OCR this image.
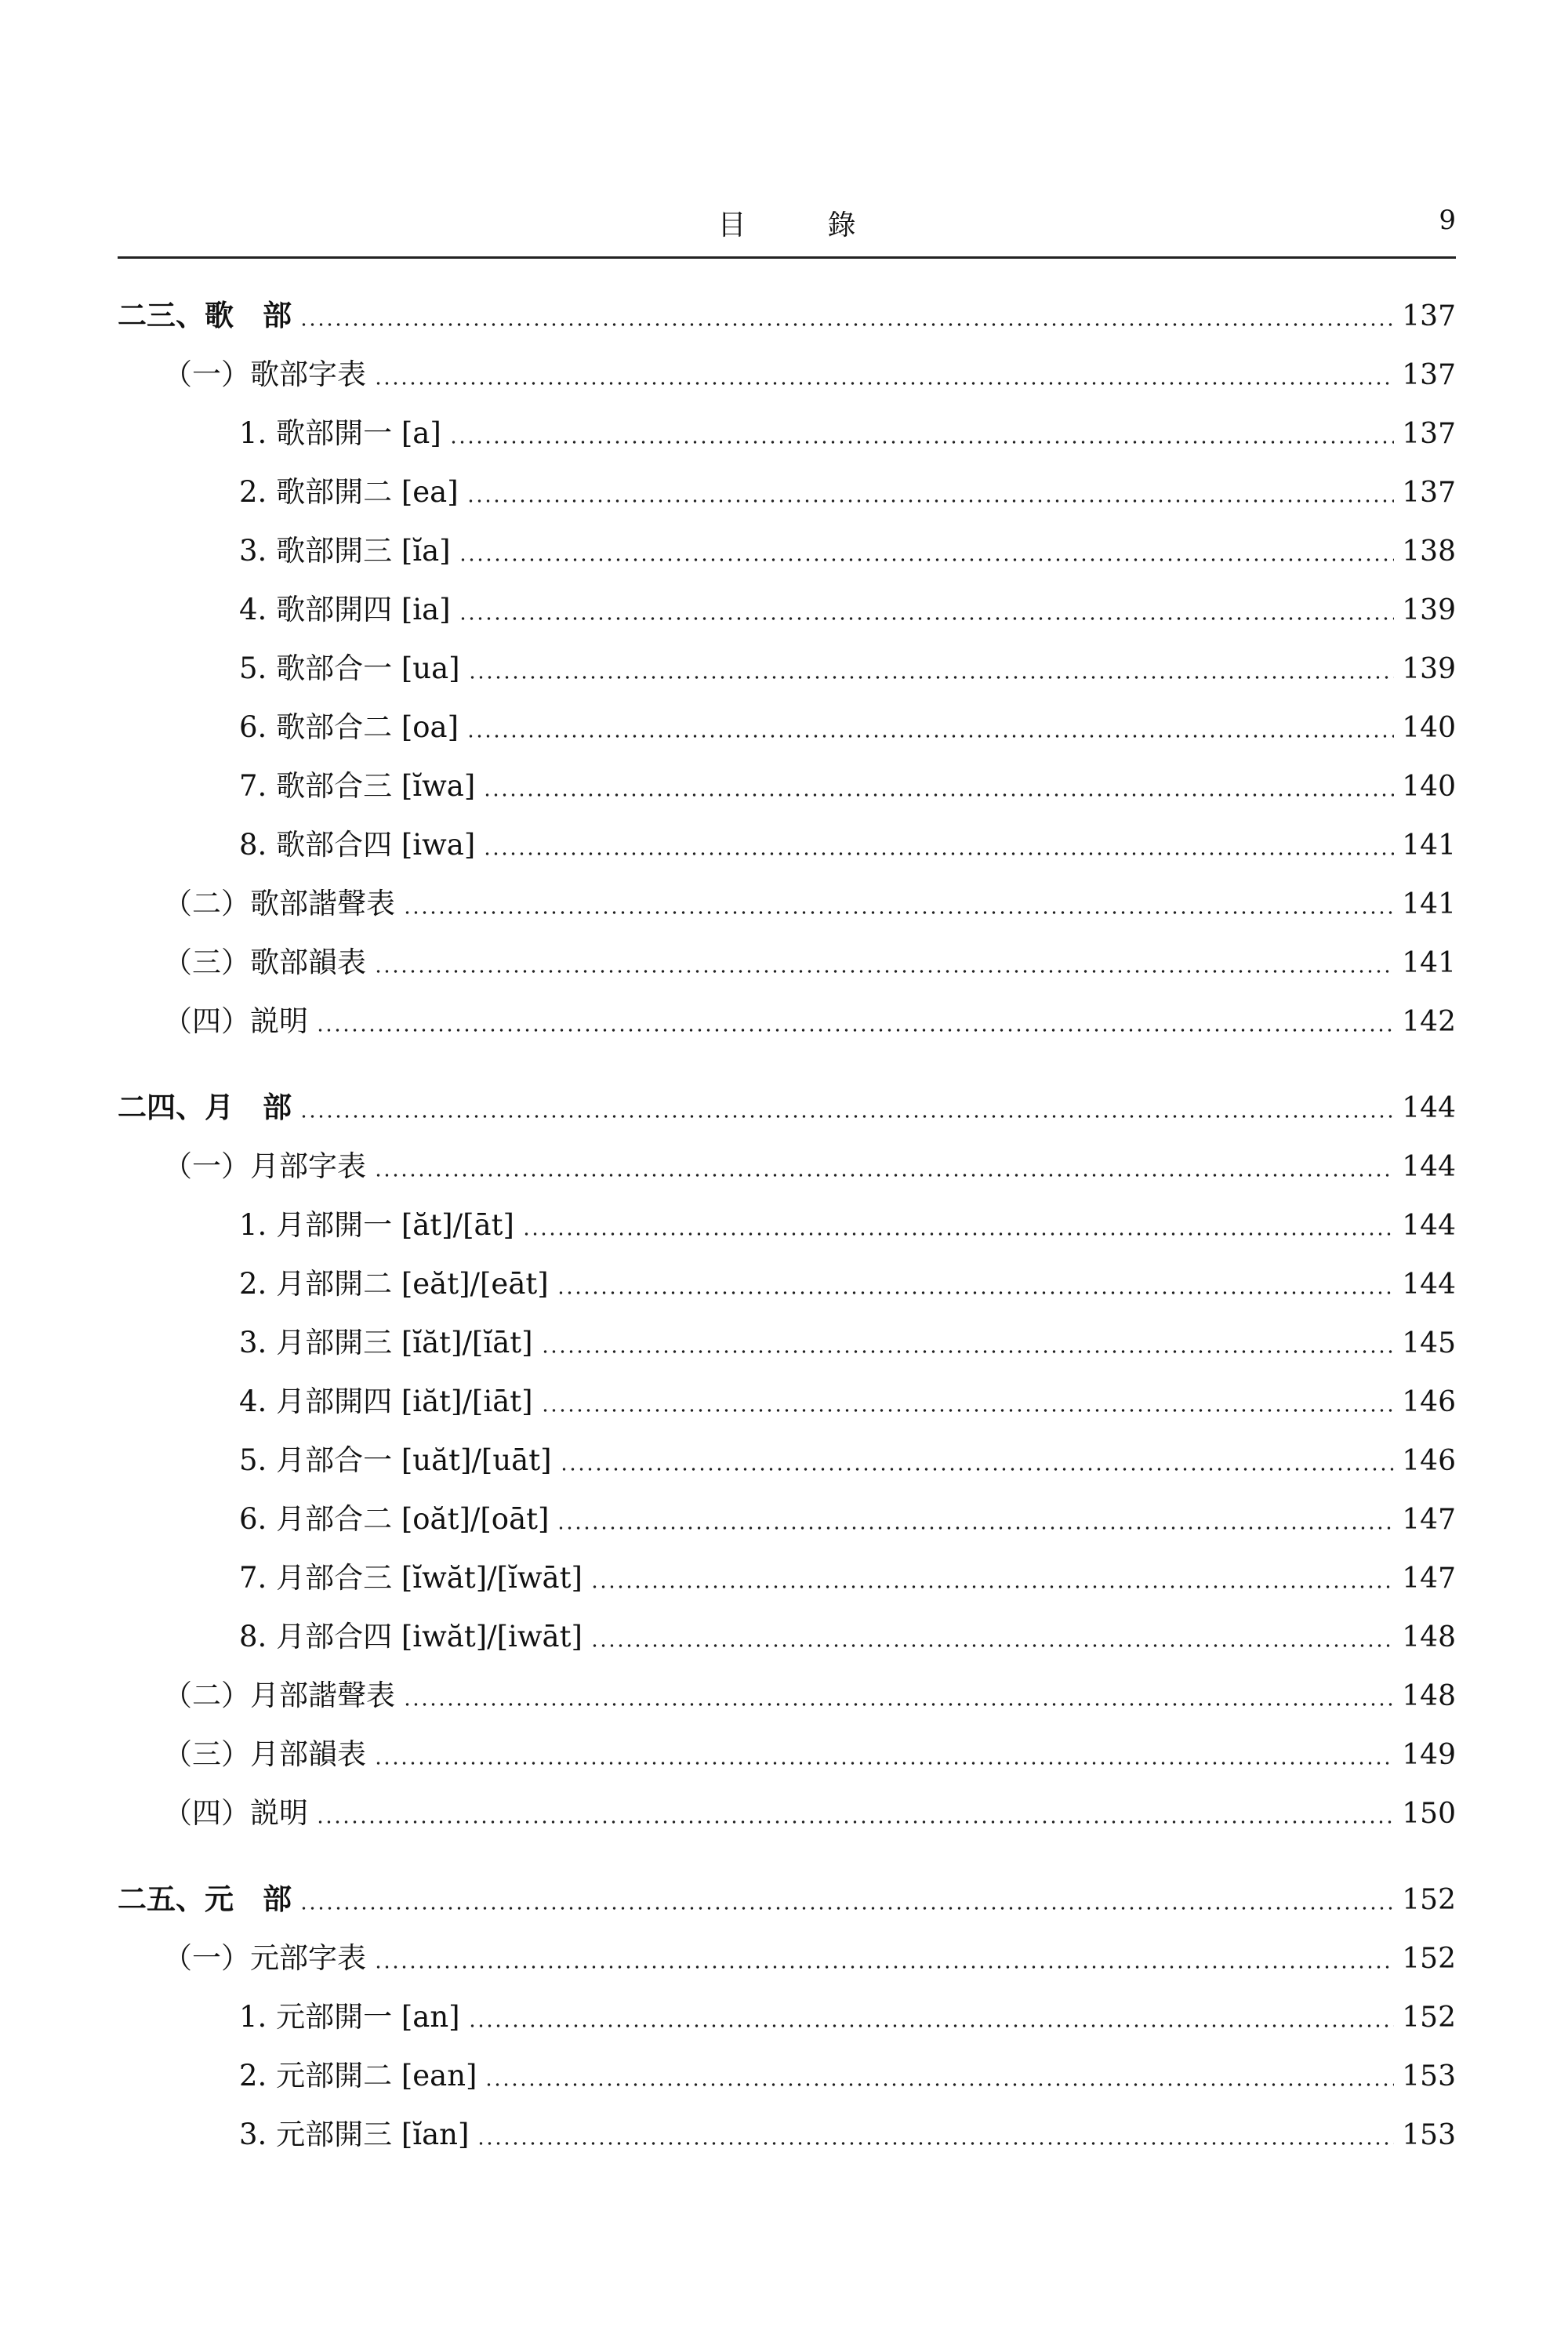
目　錄	9
二三、歌　部	137
（一）歌部字表	137
1. 歌部開一 [a]	137
2. 歌部開二 [ea]	137
3. 歌部開三 [ĭa]	138
4. 歌部開四 [ia]	139
5. 歌部合一 [ua]	139
6. 歌部合二 [oa]	140
7. 歌部合三 [ĭwa]	140
8. 歌部合四 [iwa]	141
（二）歌部諧聲表	141
（三）歌部韻表	141
（四）説明	142
二四、月　部	144
（一）月部字表	144
1. 月部開一 [ăt]/[āt]	144
2. 月部開二 [eăt]/[eāt]	144
3. 月部開三 [ĭăt]/[ĭāt]	145
4. 月部開四 [iăt]/[iāt]	146
5. 月部合一 [uăt]/[uāt]	146
6. 月部合二 [oăt]/[oāt]	147
7. 月部合三 [ĭwăt]/[ĭwāt]	147
8. 月部合四 [iwăt]/[iwāt]	148
（二）月部諧聲表	148
（三）月部韻表	149
（四）説明	150
二五、元　部	152
（一）元部字表	152
1. 元部開一 [an]	152
2. 元部開二 [ean]	153
3. 元部開三 [ĭan]	153
